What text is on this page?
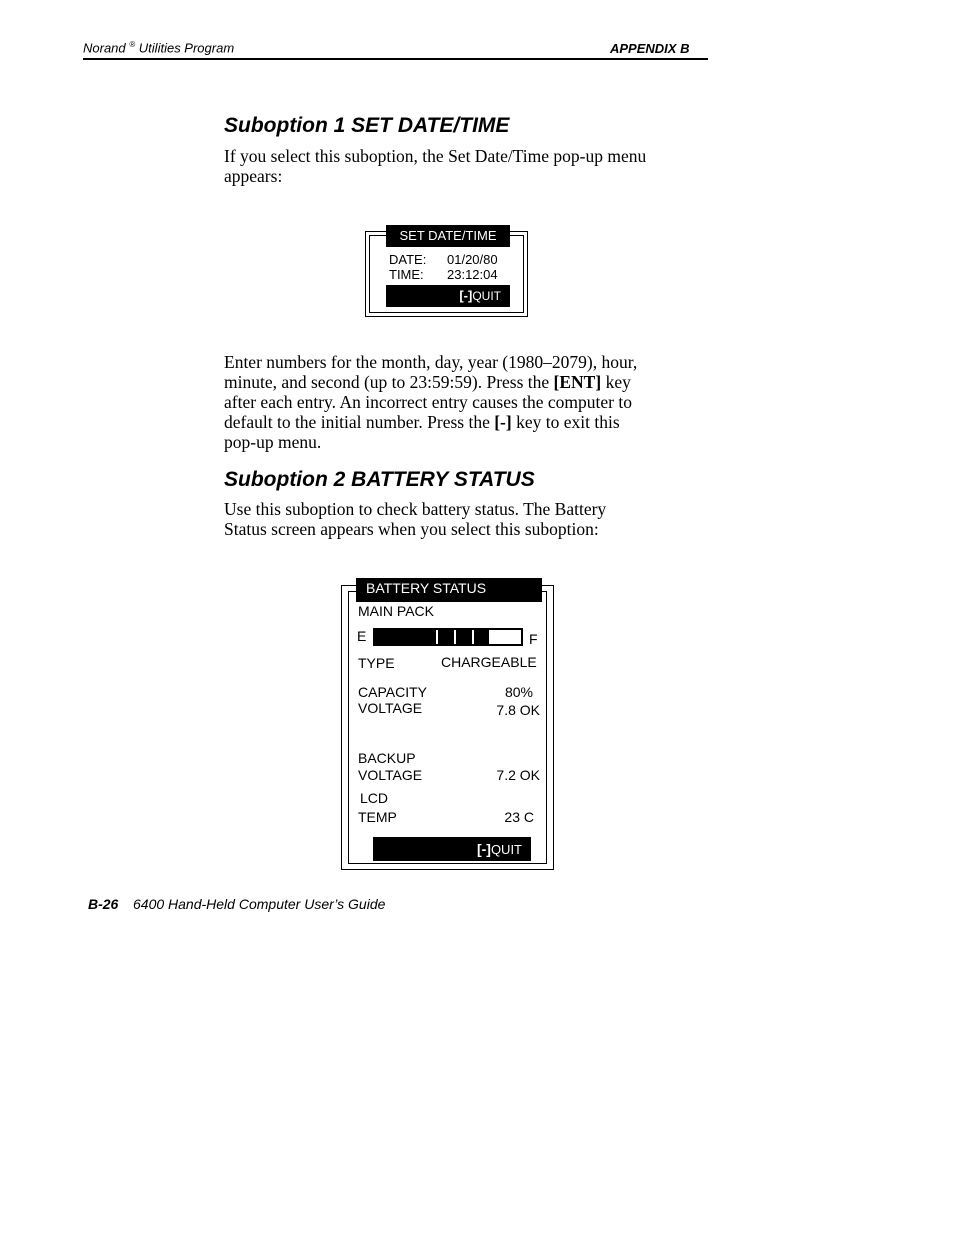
Norand ® Utilities Program	APPENDIX B
Suboption 1 SET DATE/TIME
If you select this suboption, the Set Date/Time pop-up menu
appears:
SET DATE/TIME
DATE: 01/20/80
TIME: 23:12:04
[-]QUIT
Enter numbers for the month, day, year (1980–2079), hour,
minute, and second (up to 23:59:59). Press the [ENT] key
after each entry. An incorrect entry causes the computer to
default to the initial number. Press the [-] key to exit this
pop-up menu.
Suboption 2 BATTERY STATUS
Use this suboption to check battery status. The Battery
Status screen appears when you select this suboption:
BATTERY STATUS
MAIN PACK
E	F
TYPE	CHARGEABLE
CAPACITY	80%
VOLTAGE	7.8 OK
BACKUP
VOLTAGE	7.2 OK
LCD
TEMP	23 C
[-]QUIT
B-26 6400 Hand-Held Computer User’s Guide
